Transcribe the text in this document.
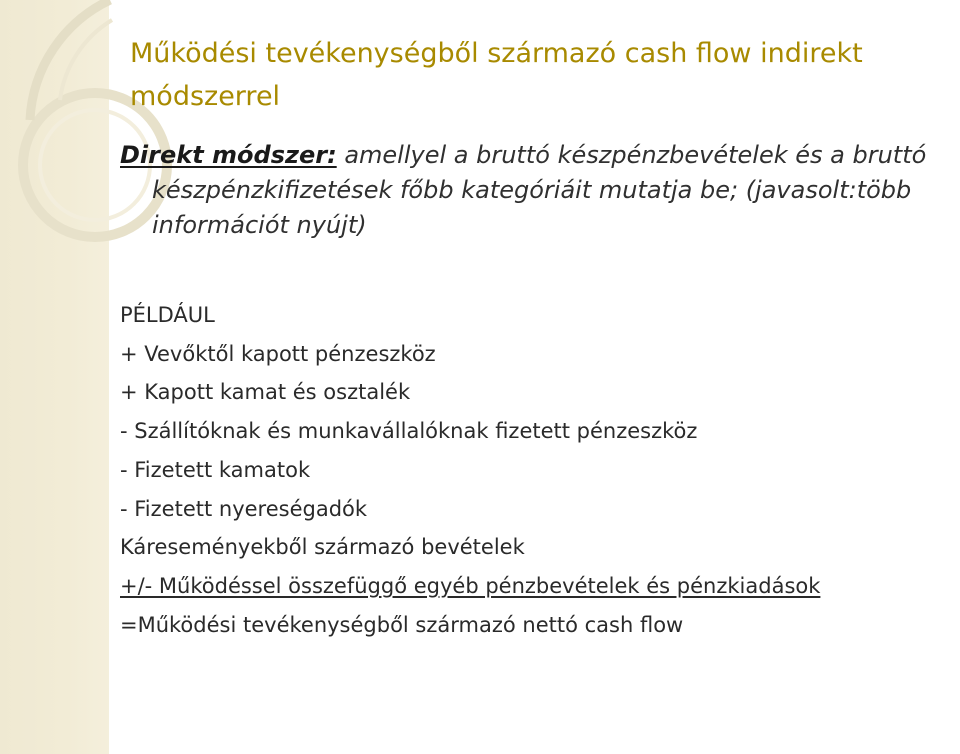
Működési tevékenységből származó cash flow indirekt módszerrel

Direkt módszer: amellyel a bruttó készpénzbevételek és a bruttó készpénzkifizetések főbb kategóriáit mutatja be; (javasolt:több információt nyújt)

PÉLDÁUL
+ Vevőktől kapott pénzeszköz
+ Kapott kamat és osztalék
- Szállítóknak és munkavállalóknak fizetett pénzeszköz
- Fizetett kamatok
- Fizetett nyereségadók
Káreseményekből származó bevételek
+/- Működéssel összefüggő egyéb pénzbevételek és pénzkiadások
=Működési tevékenységből származó nettó cash flow
